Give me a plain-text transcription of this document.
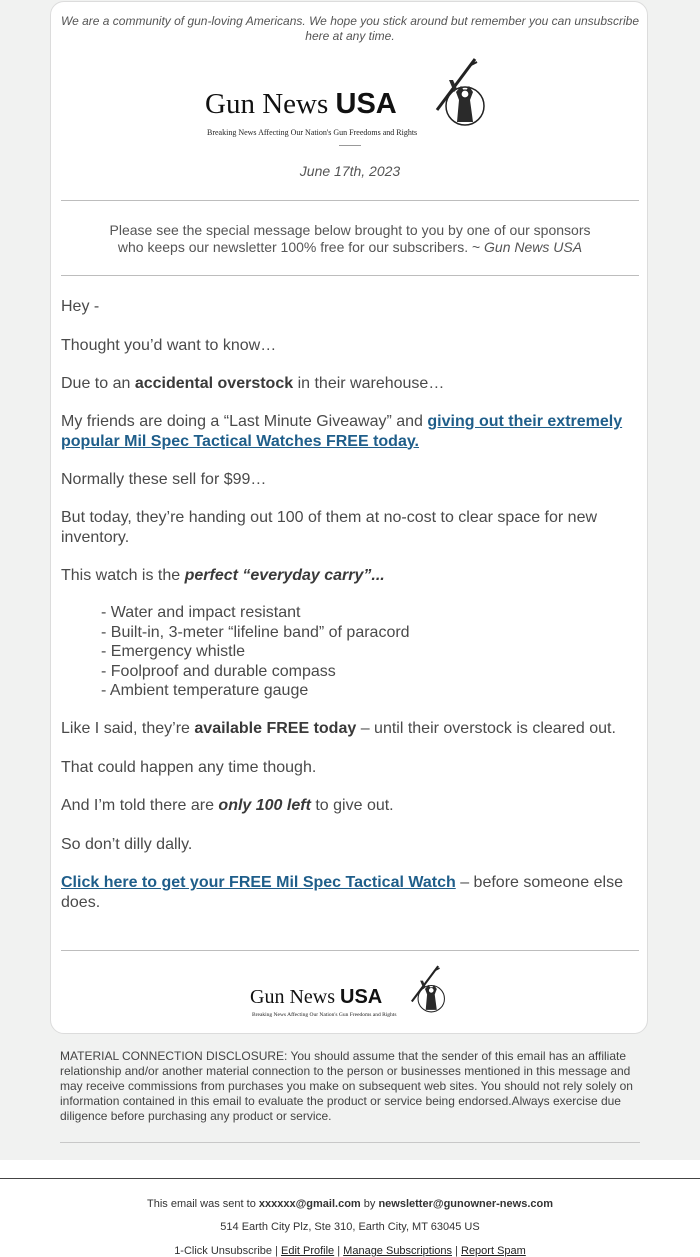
We are a community of gun-loving Americans. We hope you stick around but remember you can unsubscribe here at any time.
Gun News USA
Breaking News Affecting Our Nation's Gun Freedoms and Rights
June 17th, 2023
Please see the special message below brought to you by one of our sponsors
who keeps our newsletter 100% free for our subscribers. ~ Gun News USA
Hey -
Thought you’d want to know…
Due to an accidental overstock in their warehouse…
My friends are doing a “Last Minute Giveaway” and giving out their extremely popular Mil Spec Tactical Watches FREE today.
Normally these sell for $99…
But today, they’re handing out 100 of them at no-cost to clear space for new inventory.
This watch is the perfect “everyday carry”...
- Water and impact resistant
- Built-in, 3-meter “lifeline band” of paracord
- Emergency whistle
- Foolproof and durable compass
- Ambient temperature gauge
Like I said, they’re available FREE today – until their overstock is cleared out.
That could happen any time though.
And I’m told there are only 100 left to give out.
So don’t dilly dally.
Click here to get your FREE Mil Spec Tactical Watch – before someone else does.
Gun News USA
Breaking News Affecting Our Nation's Gun Freedoms and Rights
MATERIAL CONNECTION DISCLOSURE: You should assume that the sender of this email has an affiliate relationship and/or another material connection to the person or businesses mentioned in this message and may receive commissions from purchases you make on subsequent web sites. You should not rely solely on information contained in this email to evaluate the product or service being endorsed.Always exercise due diligence before purchasing any product or service.
This email was sent to xxxxxx@gmail.com by newsletter@gunowner-news.com
514 Earth City Plz, Ste 310, Earth City, MT 63045 US
1-Click Unsubscribe | Edit Profile | Manage Subscriptions | Report Spam
